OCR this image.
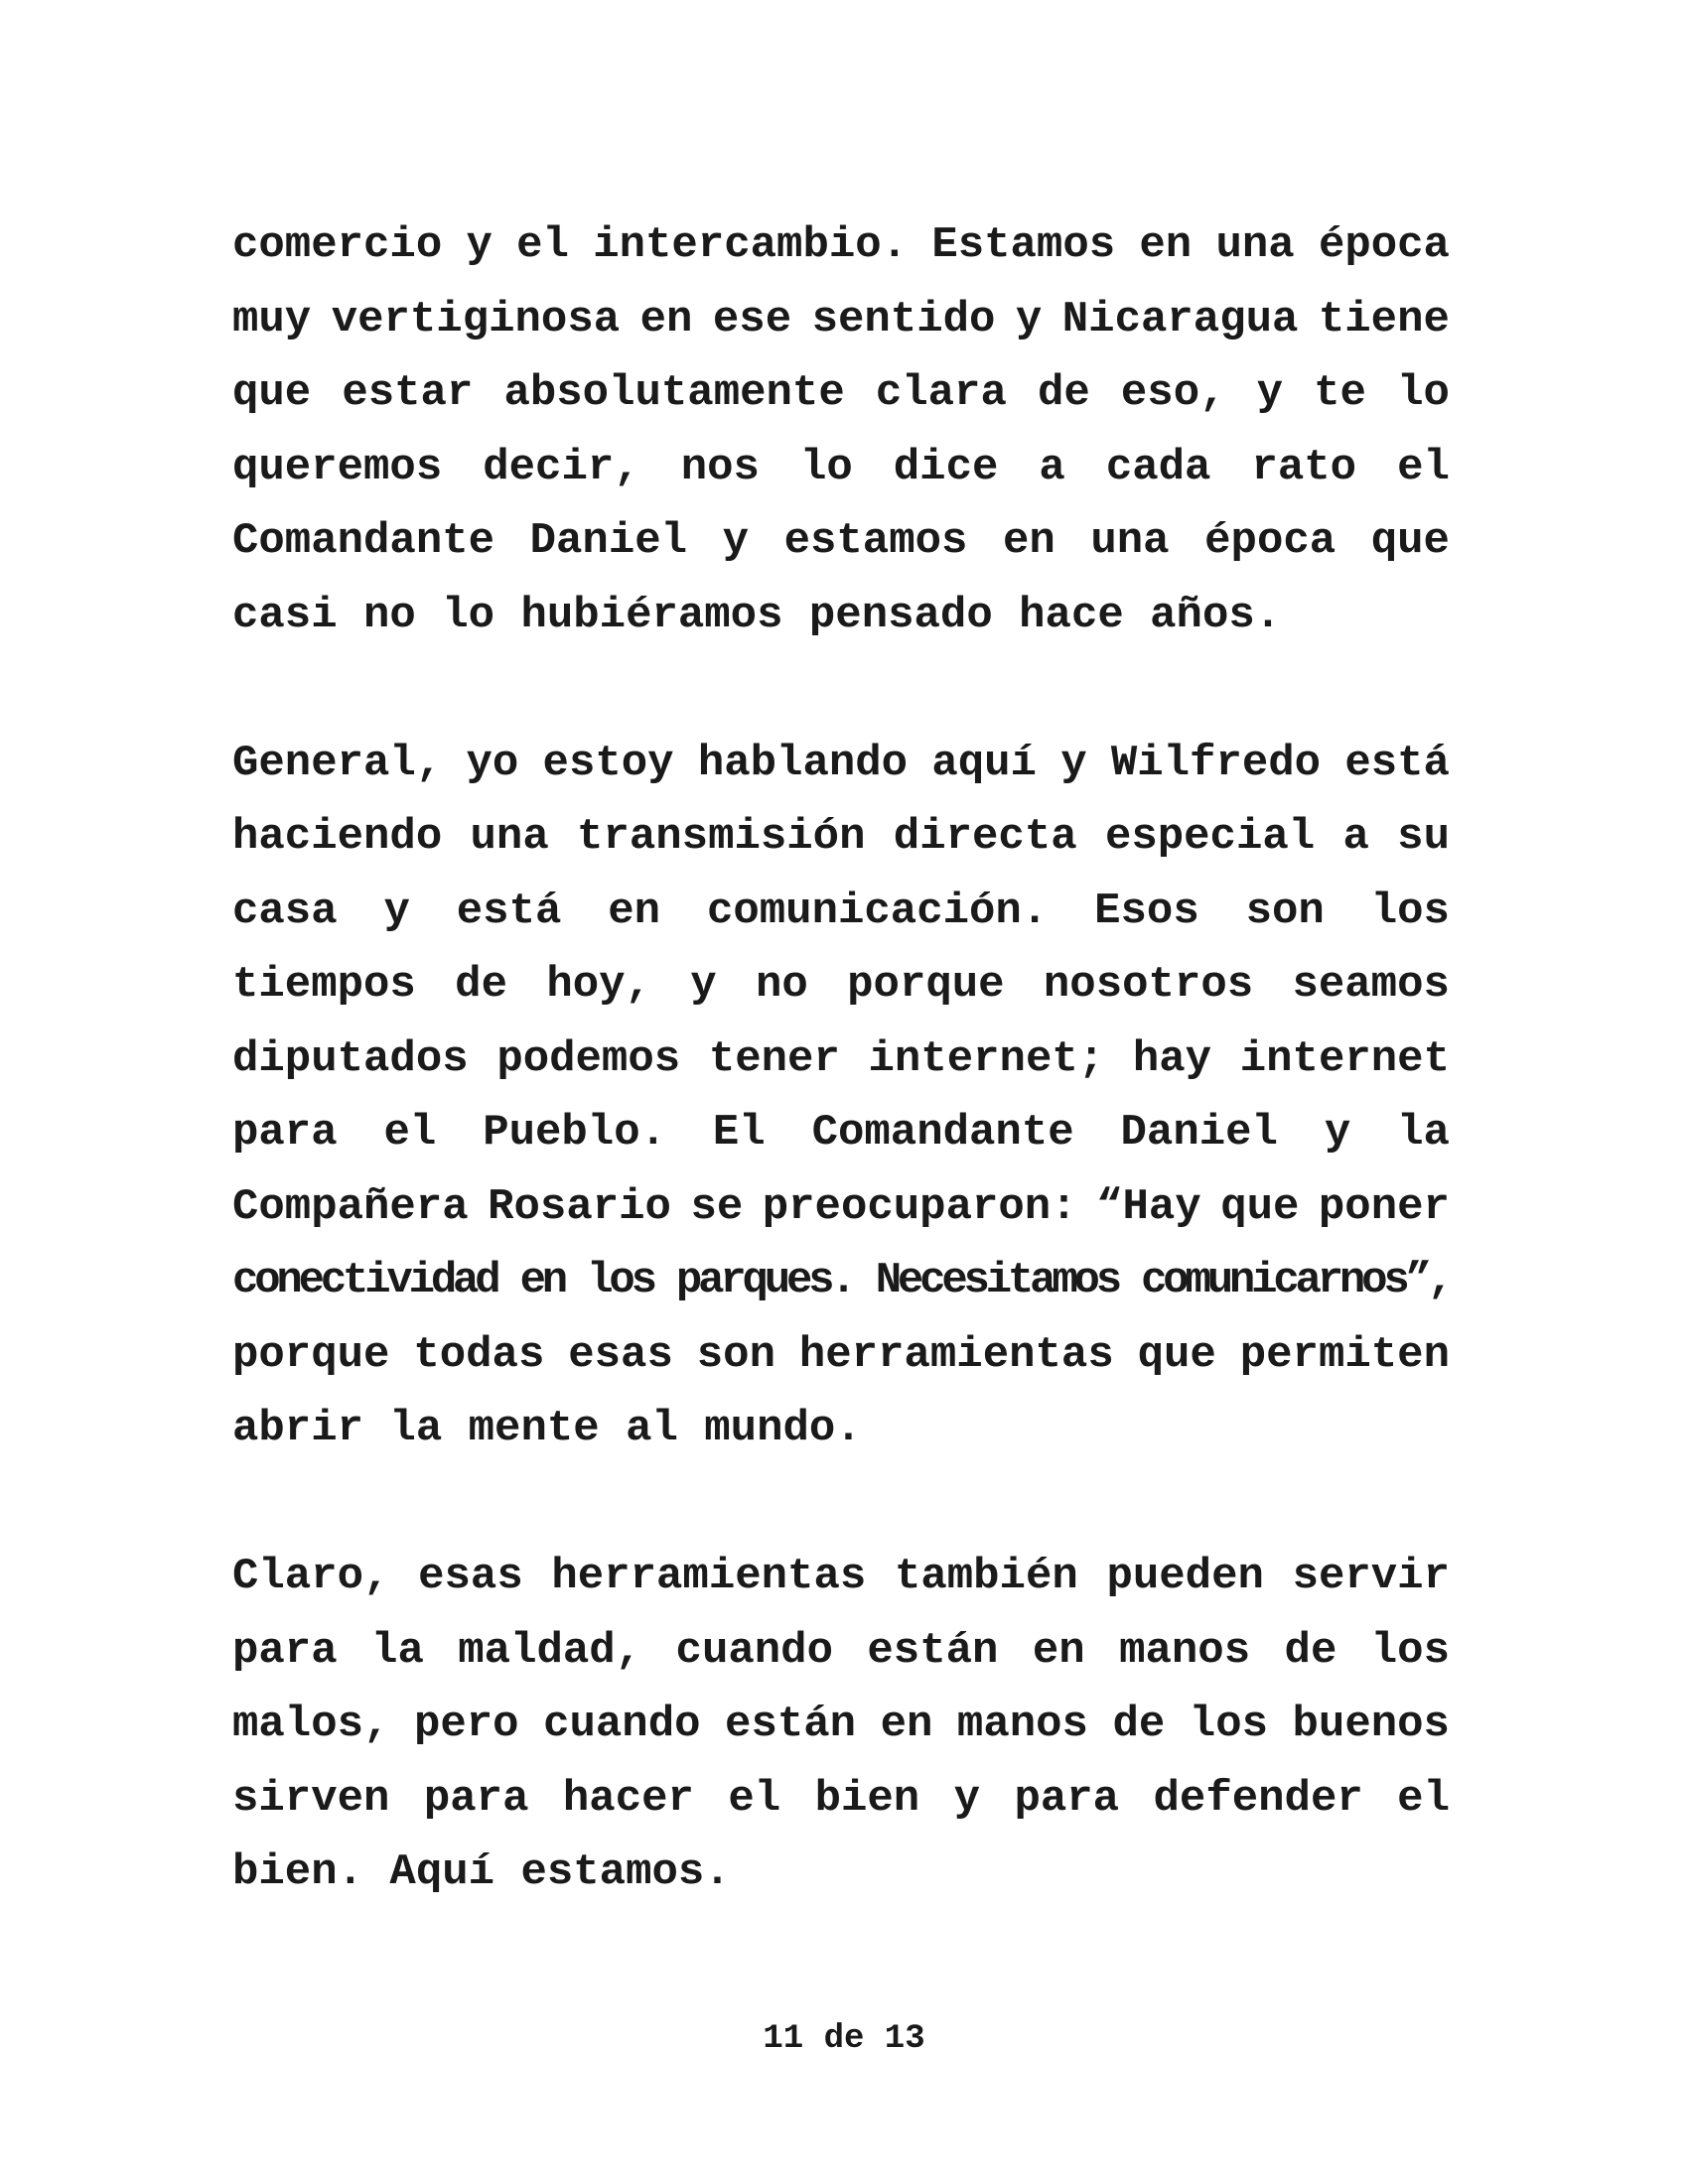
comercio y el intercambio. Estamos en una época
muy vertiginosa en ese sentido y Nicaragua tiene
que estar absolutamente clara de eso, y te lo
queremos decir, nos lo dice a cada rato el
Comandante Daniel y estamos en una época que
casi no lo hubiéramos pensado hace años.
General, yo estoy hablando aquí y Wilfredo está
haciendo una transmisión directa especial a su
casa y está en comunicación. Esos son los
tiempos de hoy, y no porque nosotros seamos
diputados podemos tener internet; hay internet
para el Pueblo. El Comandante Daniel y la
Compañera Rosario se preocuparon: “Hay que poner
conectividad en los parques. Necesitamos comunicarnos”,
porque todas esas son herramientas que permiten
abrir la mente al mundo.
Claro, esas herramientas también pueden servir
para la maldad, cuando están en manos de los
malos, pero cuando están en manos de los buenos
sirven para hacer el bien y para defender el
bien. Aquí estamos.
11 de 13
